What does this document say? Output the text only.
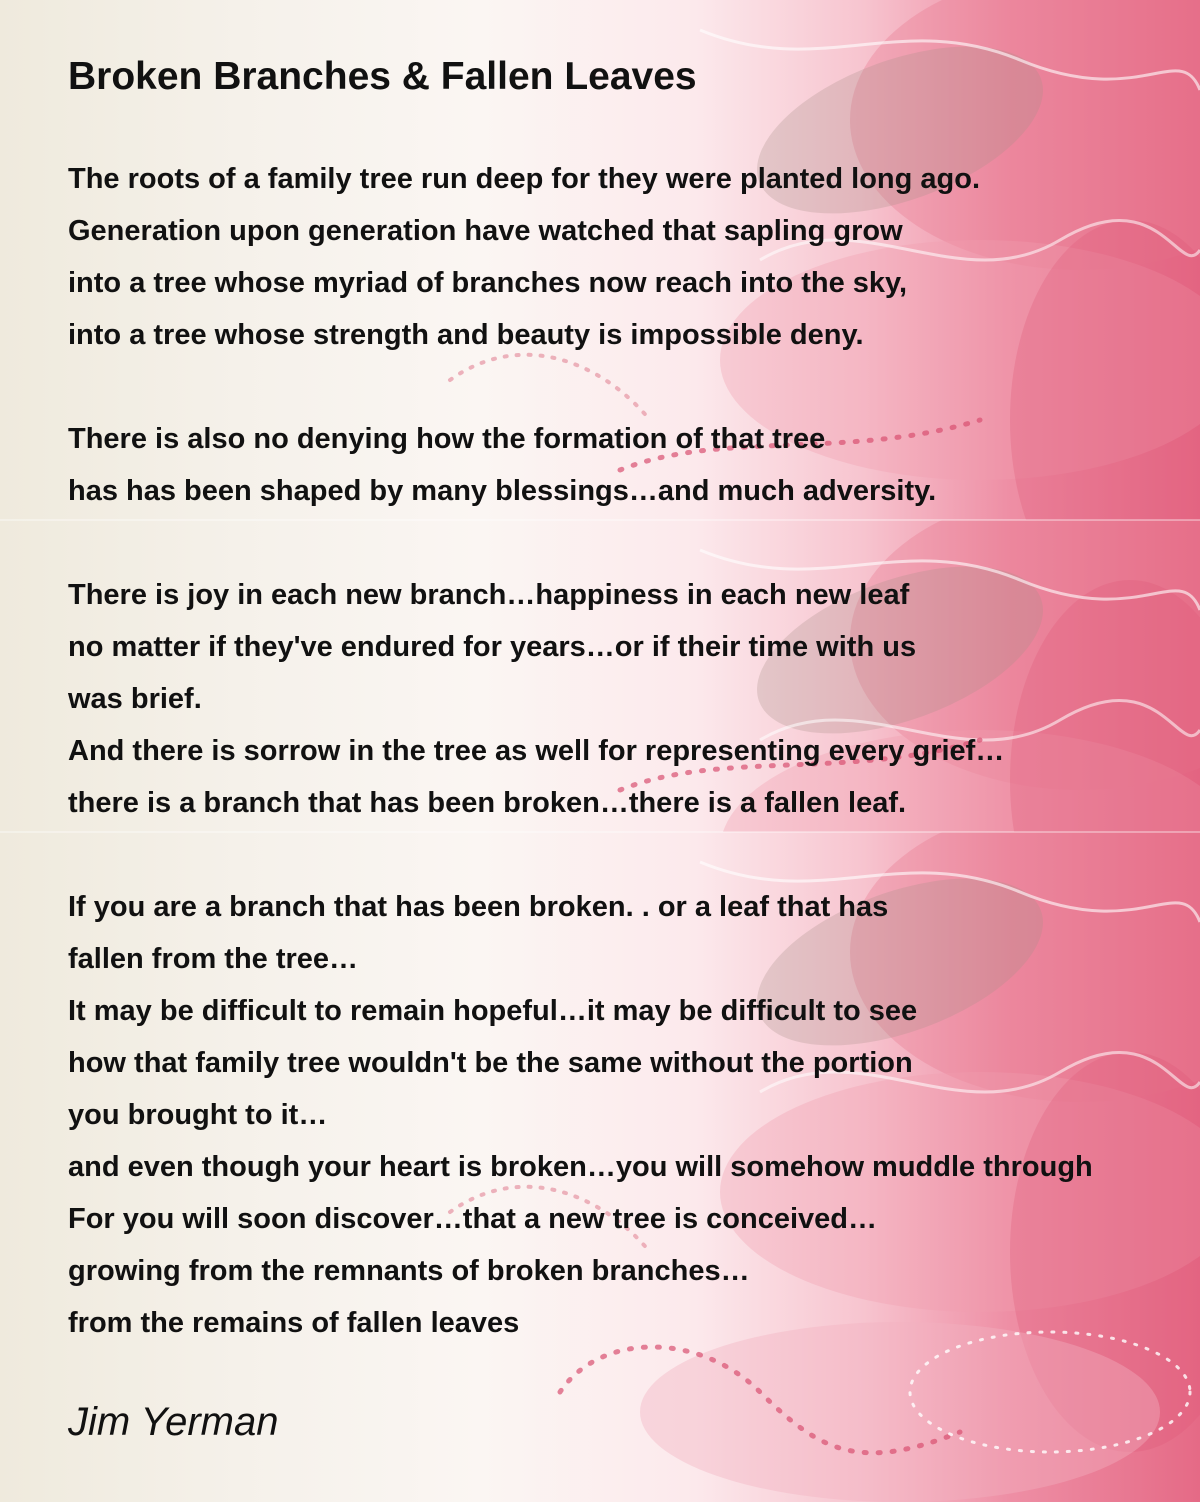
Broken Branches & Fallen Leaves
The roots of a family tree run deep for they were planted long ago.
Generation upon generation have watched that sapling grow
into a tree whose myriad of branches now reach into the sky,
into a tree whose strength and beauty is impossible deny.
There is also no denying how the formation of that tree
has has been shaped by many blessings…and much adversity.
There is joy in each new branch…happiness in each new leaf
no matter if they've endured for years…or if their time with us
was brief.
And there is sorrow in the tree as well for representing every grief…
there is a branch that has been broken…there is a fallen leaf.
If you are a branch that has been broken. . or a leaf that has
fallen from the tree…
It may be difficult to remain hopeful…it may be difficult to see
how that family tree wouldn't be the same without the portion
you brought to it…
and even though your heart is broken…you will somehow muddle through
For you will soon discover…that a new tree is conceived…
growing from the remnants of broken branches…
from the remains of fallen leaves
Jim Yerman
